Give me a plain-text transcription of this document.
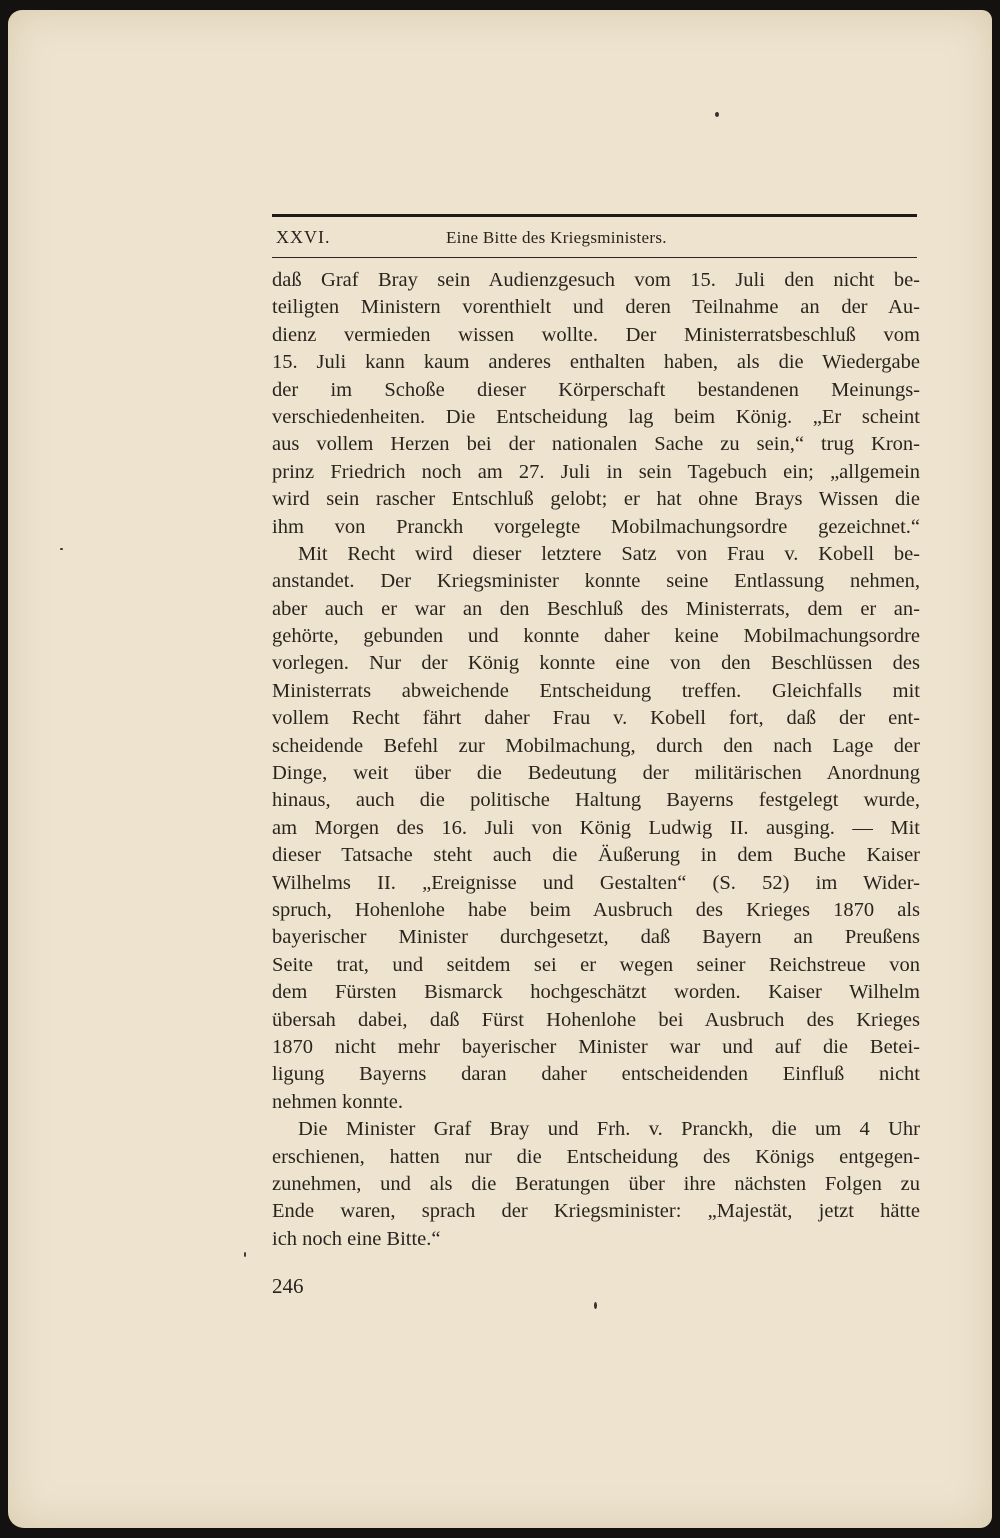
XXVI.	Eine Bitte des Kriegsministers.
daß Graf Bray sein Audienzgesuch vom 15. Juli den nicht be-
teiligten Ministern vorenthielt und deren Teilnahme an der Au-
dienz vermieden wissen wollte. Der Ministerratsbeschluß vom
15. Juli kann kaum anderes enthalten haben, als die Wiedergabe
der im Schoße dieser Körperschaft bestandenen Meinungs-
verschiedenheiten. Die Entscheidung lag beim König. „Er scheint
aus vollem Herzen bei der nationalen Sache zu sein,“ trug Kron-
prinz Friedrich noch am 27. Juli in sein Tagebuch ein; „allgemein
wird sein rascher Entschluß gelobt; er hat ohne Brays Wissen die
ihm von Pranckh vorgelegte Mobilmachungsordre gezeichnet.“
Mit Recht wird dieser letztere Satz von Frau v. Kobell be-
anstandet. Der Kriegsminister konnte seine Entlassung nehmen,
aber auch er war an den Beschluß des Ministerrats, dem er an-
gehörte, gebunden und konnte daher keine Mobilmachungsordre
vorlegen. Nur der König konnte eine von den Beschlüssen des
Ministerrats abweichende Entscheidung treffen. Gleichfalls mit
vollem Recht fährt daher Frau v. Kobell fort, daß der ent-
scheidende Befehl zur Mobilmachung, durch den nach Lage der
Dinge, weit über die Bedeutung der militärischen Anordnung
hinaus, auch die politische Haltung Bayerns festgelegt wurde,
am Morgen des 16. Juli von König Ludwig II. ausging. — Mit
dieser Tatsache steht auch die Äußerung in dem Buche Kaiser
Wilhelms II. „Ereignisse und Gestalten“ (S. 52) im Wider-
spruch, Hohenlohe habe beim Ausbruch des Krieges 1870 als
bayerischer Minister durchgesetzt, daß Bayern an Preußens
Seite trat, und seitdem sei er wegen seiner Reichstreue von
dem Fürsten Bismarck hochgeschätzt worden. Kaiser Wilhelm
übersah dabei, daß Fürst Hohenlohe bei Ausbruch des Krieges
1870 nicht mehr bayerischer Minister war und auf die Betei-
ligung Bayerns daran daher entscheidenden Einfluß nicht
nehmen konnte.
Die Minister Graf Bray und Frh. v. Pranckh, die um 4 Uhr
erschienen, hatten nur die Entscheidung des Königs entgegen-
zunehmen, und als die Beratungen über ihre nächsten Folgen zu
Ende waren, sprach der Kriegsminister: „Majestät, jetzt hätte
ich noch eine Bitte.“
246
